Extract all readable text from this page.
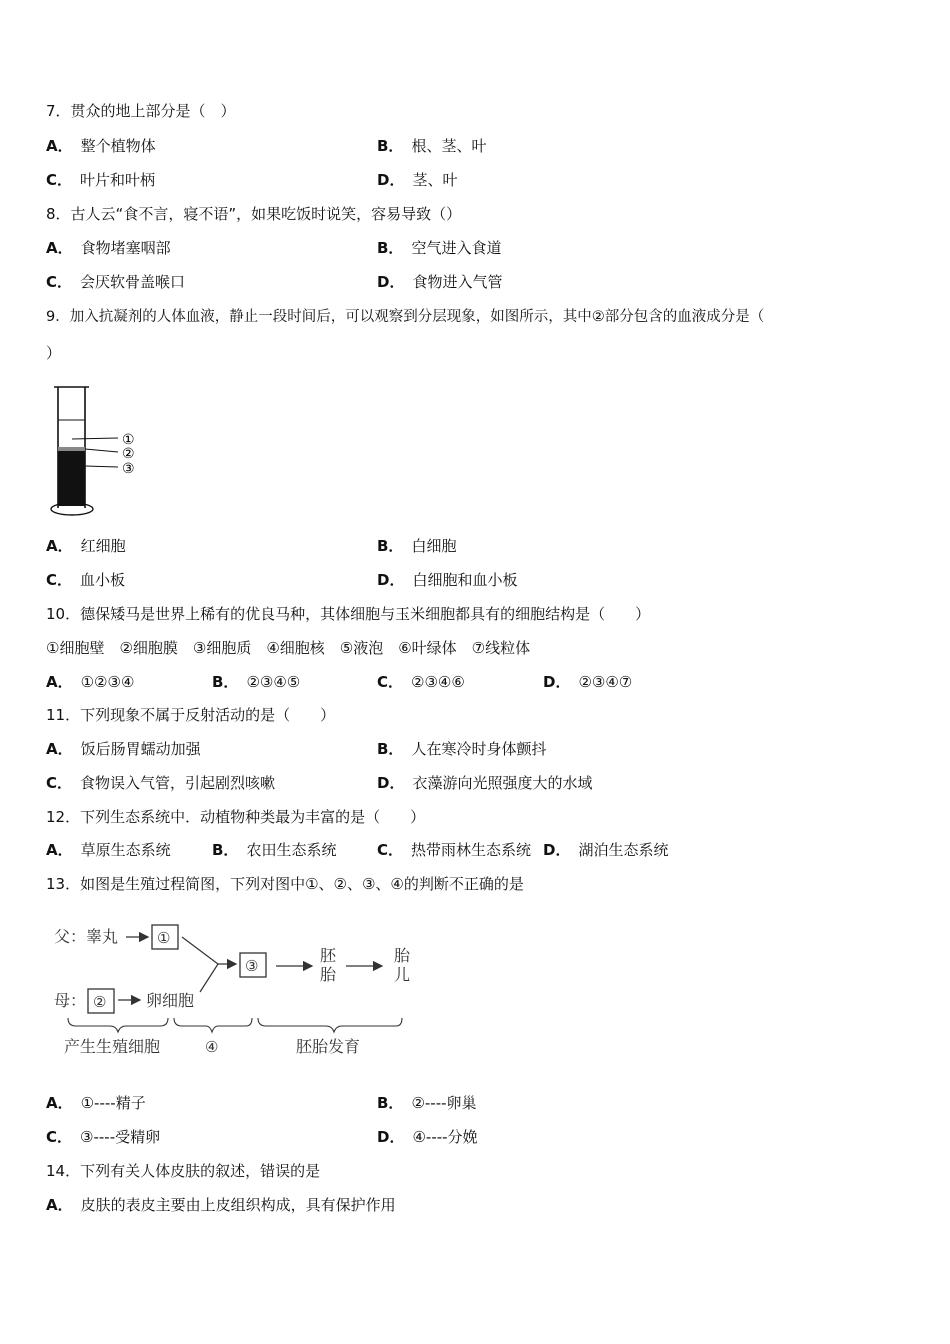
7．贯众的地上部分是（　）
A． 整个植物体	B． 根、茎、叶
C． 叶片和叶柄	D． 茎、叶
8．古人云“食不言，寝不语”，如果吃饭时说笑，容易导致（）
A． 食物堵塞咽部	B． 空气进入食道
C． 会厌软骨盖喉口	D． 食物进入气管
9．加入抗凝剂的人体血液，静止一段时间后，可以观察到分层现象，如图所示，其中②部分包含的血液成分是（
）
①
②
③
A． 红细胞	B． 白细胞
C． 血小板	D． 白细胞和血小板
10．德保矮马是世界上稀有的优良马种，其体细胞与玉米细胞都具有的细胞结构是（　　）
①细胞壁　②细胞膜　③细胞质　④细胞核　⑤液泡　⑥叶绿体　⑦线粒体
A． ①②③④	B． ②③④⑤	C． ②③④⑥	D． ②③④⑦
11．下列现象不属于反射活动的是（　　）
A． 饭后肠胃蠕动加强	B． 人在寒冷时身体颤抖
C． 食物误入气管，引起剧烈咳嗽	D． 衣藻游向光照强度大的水域
12．下列生态系统中．动植物种类最为丰富的是（　　）
A． 草原生态系统	B． 农田生态系统	C． 热带雨林生态系统 D． 湖泊生态系统
13．如图是生殖过程简图，下列对图中①、②、③、④的判断不正确的是
父：睾丸	①
③
胚
胎
胎
儿
母： ② 卵细胞
产生生殖细胞	④	胚胎发育
A． ①----精子	B． ②----卵巢
C． ③----受精卵	D． ④----分娩
14．下列有关人体皮肤的叙述，错误的是
A． 皮肤的表皮主要由上皮组织构成，具有保护作用
